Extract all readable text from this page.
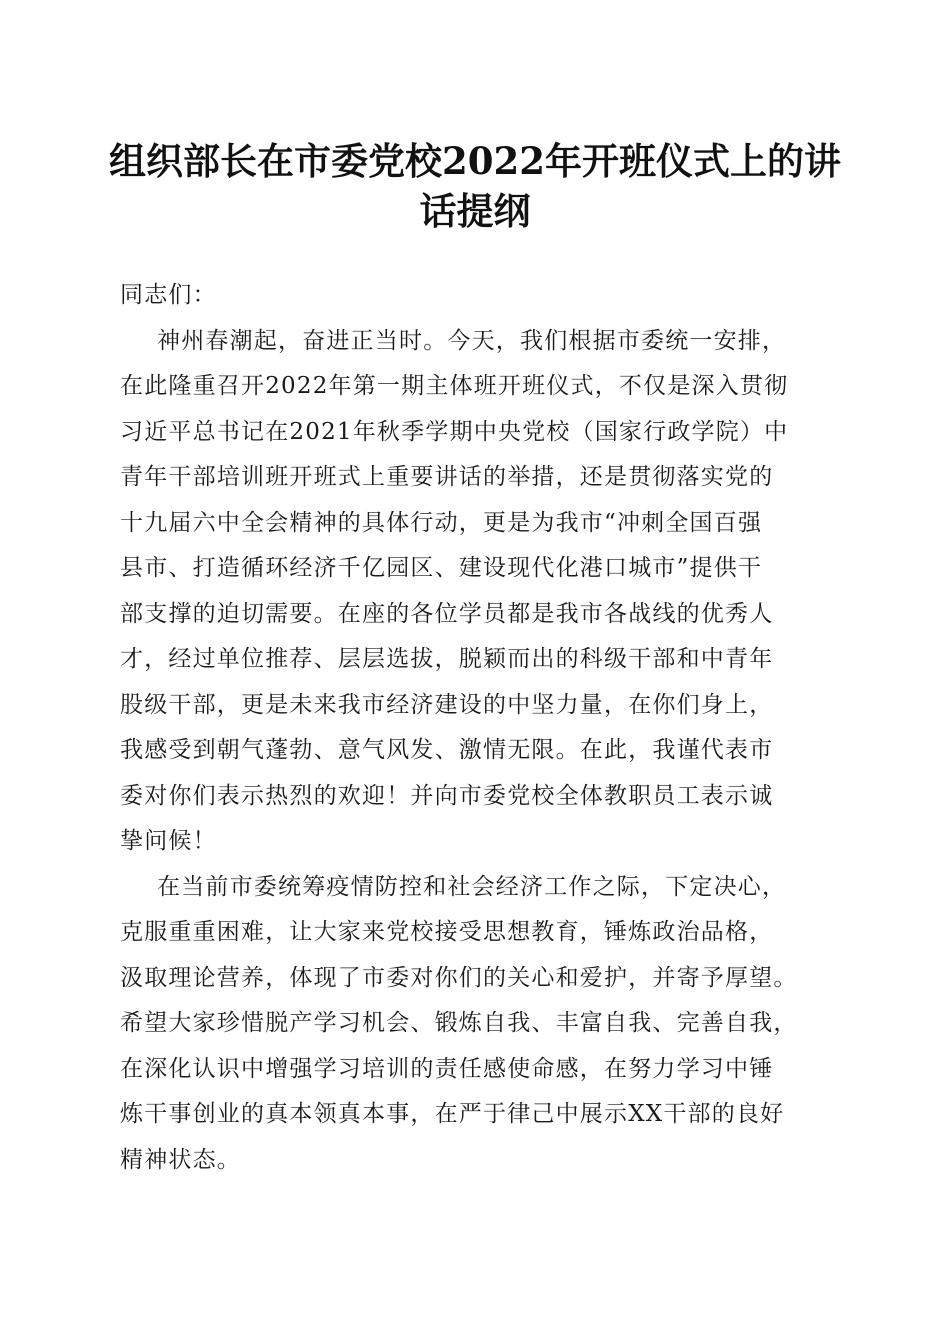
组织部长在市委党校2022年开班仪式上的讲
话提纲
同志们：
神州春潮起，奋进正当时。今天，我们根据市委统一安排，
在此隆重召开2022年第一期主体班开班仪式，不仅是深入贯彻
习近平总书记在2021年秋季学期中央党校（国家行政学院）中
青年干部培训班开班式上重要讲话的举措，还是贯彻落实党的
十九届六中全会精神的具体行动，更是为我市“冲刺全国百强
县市、打造循环经济千亿园区、建设现代化港口城市”提供干
部支撑的迫切需要。在座的各位学员都是我市各战线的优秀人
才，经过单位推荐、层层选拔，脱颖而出的科级干部和中青年
股级干部，更是未来我市经济建设的中坚力量，在你们身上，
我感受到朝气蓬勃、意气风发、激情无限。在此，我谨代表市
委对你们表示热烈的欢迎！并向市委党校全体教职员工表示诚
挚问候！
在当前市委统筹疫情防控和社会经济工作之际，下定决心，
克服重重困难，让大家来党校接受思想教育，锤炼政治品格，
汲取理论营养，体现了市委对你们的关心和爱护，并寄予厚望。
希望大家珍惜脱产学习机会、锻炼自我、丰富自我、完善自我，
在深化认识中增强学习培训的责任感使命感，在努力学习中锤
炼干事创业的真本领真本事，在严于律己中展示XX干部的良好
精神状态。
